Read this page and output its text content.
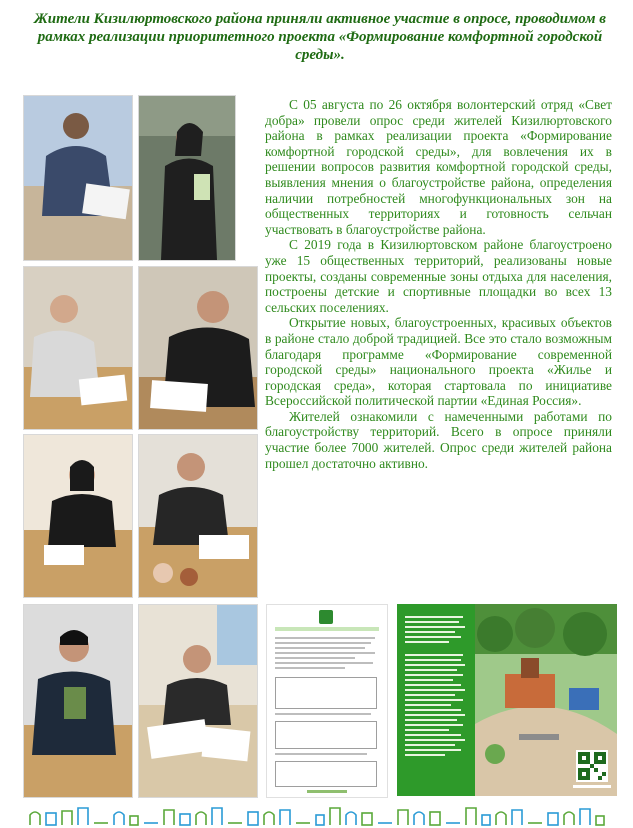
Жители Кизилюртовского района приняли активное участие в опросе, проводимом в рамках реализации приоритетного проекта «Формирование комфортной городской среды».

С 05 августа по 26 октября волонтерский отряд «Свет добра» провели опрос среди жителей Кизилюртовского района в рамках реализации проекта «Формирование комфортной городской среды», для вовлечения их в решении вопросов развития комфортной городской среды, выявления мнения о благоустройстве района, определения наличии потребностей многофункциональных зон на общественных территориях и готовность сельчан участвовать в благоустройстве района.

С 2019 года в Кизилюртовском районе благоустроено уже 15 общественных территорий, реализованы новые проекты, созданы современные зоны отдыха для населения, построены детские и спортивные площадки во всех 13 сельских поселениях.

Открытие новых, благоустроенных, красивых объектов в районе стало доброй традицией. Все это стало возможным благодаря программе «Формирование современной городской среды» национального проекта «Жилье и городская среда», которая стартовала по инициативе Всероссийской политической партии «Единая Россия».

Жителей ознакомили с намеченными работами по благоустройству территорий. Всего в опросе приняли участие более 7000 жителей. Опрос среди жителей района прошел достаточно активно.
